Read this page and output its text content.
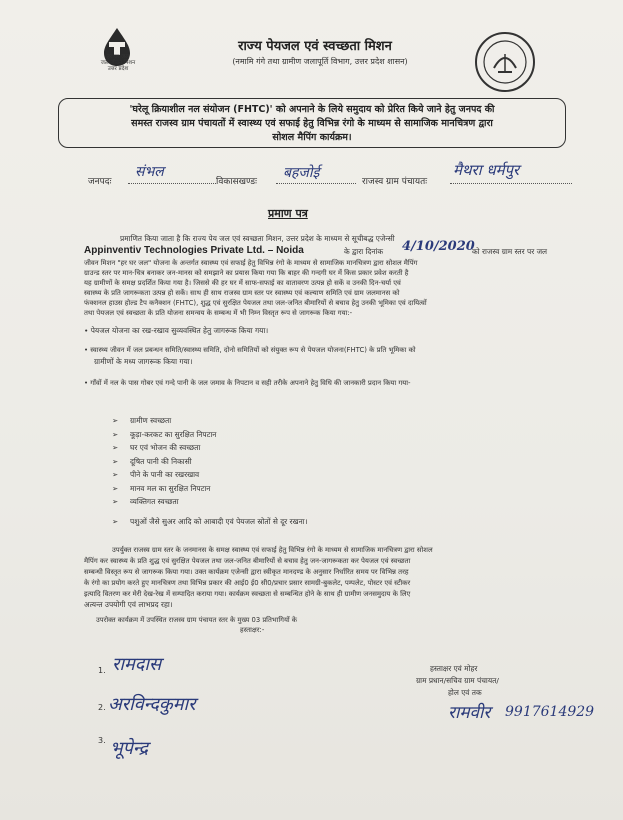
हर घर जल
जल जीवन मिशन
उत्तर प्रदेश
राज्य पेयजल एवं स्वच्छता मिशन
(नमामि गंगे तथा ग्रामीण जलापूर्ति विभाग, उत्तर प्रदेश शासन)
'घरेलू क्रियाशील नल संयोजन (FHTC)' को अपनाने के लिये समुदाय को प्रेरित किये जाने हेतु जनपद की
समस्त राजस्व ग्राम पंचायतों में स्वास्थ्य एवं सफाई हेतु विभिन्न रंगो के माध्यम से सामाजिक मानचित्रण द्वारा
सोशल मैपिंग कार्यक्रम।
जनपदः
संभल
विकासखण्डः
बहजोई
राजस्व ग्राम पंचायतः
मैथरा धर्मपुर
प्रमाण पत्र
प्रमाणित किया जाता है कि राज्य पेय जल एवं स्वच्छता मिशन, उत्तर प्रदेश के माध्यम से सूचीबद्ध एजेन्सी
Appinventiv Technologies Private Ltd. – Noida	के द्वारा दिनांक 4/10/2020
को राजस्व ग्राम स्तर पर जल
जीवन मिशन "हर घर जल" योजना के अन्तर्गत स्वास्थ्य एवं सफाई हेतु विभिन्न रंगो के माध्यम से सामाजिक मानचित्रण द्वारा सोशल मैपिंग
ग्राउन्ड स्तर पर मान-चित्र बनाकर जन-मानस को समझाने का प्रयास किया गया कि बाहर की गन्दगी घर में किस प्रकार प्रवेश करती है
यह ग्रामीणों के समक्ष प्रदर्शित किया गया है। जिससे की हर घर में साफ-सफाई का वातावरण उत्पन्न हो सकें व उनकी दिन-चर्या एवं
स्वास्थ्य के प्रति जागरूकता उत्पन्न हो सकें। साथ ही साथ राजस्व ग्राम स्तर पर स्वास्थ्य एवं कल्याण समिति एवं ग्राम जलमानस को
फंक्शनल हाउस होल्ड टैप कनैक्शन (FHTC), शुद्ध एवं सुरक्षित पेयजल तथा जल-जनित बीमारियों से बचाव हेतु उनकी भूमिका एवं दायित्वों
तथा पेयजल एवं स्वच्छता के प्रति योजना समन्वय के सम्बन्ध में भी निम्न विस्तृत रूप से जागरूक किया गया:-
• पेयजल योजना का रख-रखाव सुव्यवस्थित हेतु जागरूक किया गया।
• स्वास्थ्य जीवन में जल प्रबन्धन समिति/स्वास्थ्य समिति, दोनो समितियों को संयुक्त रूप से पेयजल योजना(FHTC) के प्रति भूमिका को
ग्रामीणों के मध्य जागरूक किया गया।
• गाँवों में नल के पास गोबर एवं गन्दे पानी के जल जमाव के निपटान व सही तरीके अपनाने हेतु विधि की जानकारी प्रदान किया गया-
➢ ग्रामीण स्वच्छता
➢ कूड़ा-करकट का सुरक्षित निपटान
➢ घर एवं भोजन की स्वच्छता
➢ दूषित पानी की निकासी
➢ पीने के पानी का रखरखाव
➢ मानव मल का सुरक्षित निपटान
➢ व्यक्तिगत स्वच्छता
➢ पशुओं जैसे सुअर आदि को आबादी एवं पेयजल स्रोतों से दूर रखना।
उपर्युक्त राजस्व ग्राम स्तर के जनमानस के समक्ष स्वास्थ्य एवं सफाई हेतु विभिन्न रंगो के माध्यम से सामाजिक मानचित्रण द्वारा सोशल
मैपिंग कर स्वास्थ्य के प्रति शुद्ध एवं सुरक्षित पेयजल तथा जल-जनित बीमारियों से बचाव हेतु जन-जागरूकता कर पेयजल एवं स्वच्छता
सम्बन्धी विस्तृत रूप से जागरूक किया गया। उक्त कार्यक्रम एजेन्सी द्वारा स्वीकृत मानदण्ड के अनुसार निर्धारित समय पर विभिन्न तरह
के रंगो का प्रयोग करते हुए मानचित्रण तथा विभिन्न प्रकार की आई0 ई0 सी0/प्रचार प्रसार सामग्री-बुकलेट, पम्पलेट, पोस्टर एवं स्टीकर
इत्यादि वितरण कर मेरी देख-रेख में सम्पादित कराया गया। कार्यक्रम स्वच्छता से सम्बन्धित होने के साथ ही ग्रामीण जनसमुदाय के लिए
अत्यन्त उपयोगी एवं लाभप्रद रहा।
उपरोक्त कार्यक्रम में उपस्थित राजस्व ग्राम पंचायत स्तर के मुख्य 03 प्रतिभागियों के
हस्ताक्षर:-
1. रामदास
2. अरविन्दकुमार
3. भूपेन्द्र
हस्ताक्षर एवं मोहर
ग्राम प्रधान/सचिव ग्राम पंचायत/
होल एवं तक
रामवीर 9917614929
